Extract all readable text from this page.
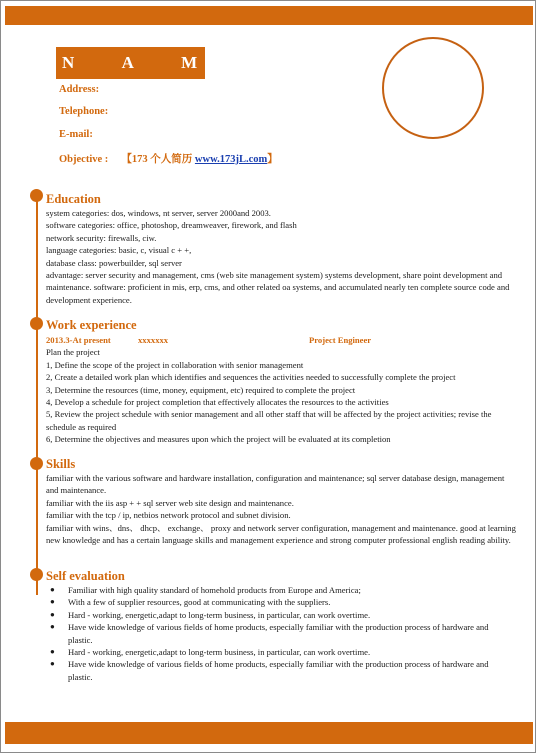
N A M E
Address:
Telephone:
E-mail:
Objective : 【173 个人简历 www.173jL.com】
Education

system categories: dos, windows, nt server, server 2000and 2003.

software categories: office, photoshop, dreamweaver, firework, and flash

network security: firewalls, ciw.

language categories: basic, c, visual c + +,

database class: powerbuilder, sql server

advantage: server security and management, cms (web site management system) systems development, share point development and maintenance. software: proficient in mis, erp, cms, and other related oa systems, and accumulated nearly ten complete source code and development experience.

Work experience
2013.3-At present	xxxxxxx	Project Engineer

Plan the project

1, Define the scope of the project in collaboration with senior management

2, Create a detailed work plan which identifies and sequences the activities needed to successfully complete the project

3, Determine the resources (time, money, equipment, etc) required to complete the project

4, Develop a schedule for project completion that effectively allocates the resources to the activities

5, Review the project schedule with senior management and all other staff that will be affected by the project activities; revise the schedule as required

6, Determine the objectives and measures upon which the project will be evaluated at its completion

Skills

familiar with the various software and hardware installation, configuration and maintenance; sql server database design, management and maintenance.

familiar with the iis asp + + sql server web site design and maintenance.

familiar with the tcp / ip, netbios network protocol and subnet division.

familiar with wins、dns、 dhcp、 exchange、 proxy and network server configuration, management and maintenance. good at learning new knowledge and has a certain language skills and management experience and strong computer professional english reading ability.

Self evaluation
● Familiar with high quality standard of homehold products from Europe and America;
● With a few of supplier resources, good at communicating with the suppliers.
● Hard - working, energetic,adapt to long-term business, in particular, can work overtime.
● Have wide knowledge of various fields of home products, especially familiar with the production process of hardware and plastic.
● Hard - working, energetic,adapt to long-term business, in particular, can work overtime.
● Have wide knowledge of various fields of home products, especially familiar with the production process of hardware and plastic.
